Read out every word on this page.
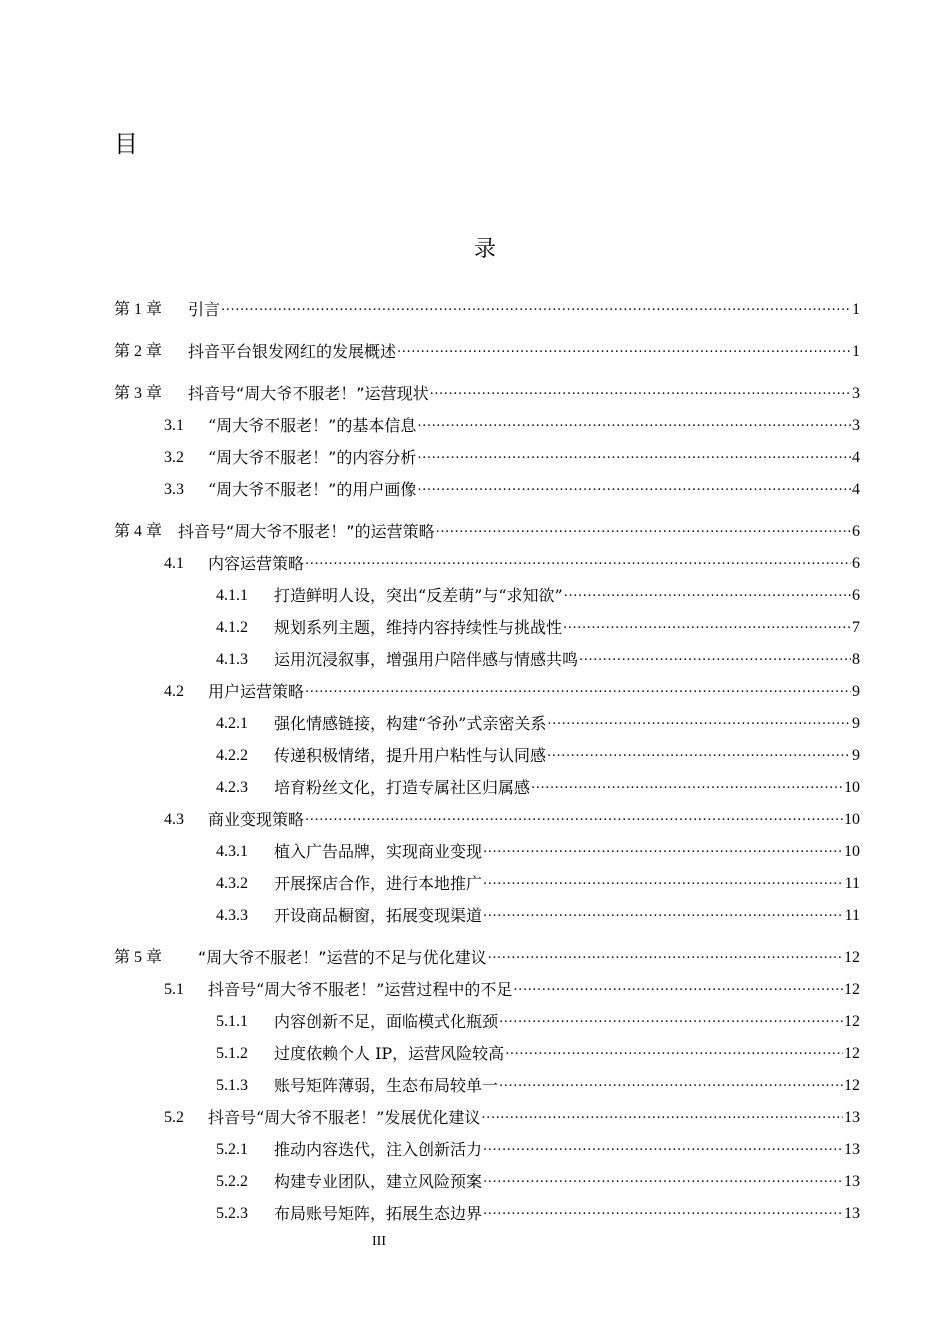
目
录
第 1 章	引言 .....	1
第 2 章	抖音平台银发网红的发展概述 .....	1
第 3 章	抖音号“周大爷不服老！”运营现状 .....	3
3.1	“周大爷不服老！”的基本信息 .....	3
3.2	“周大爷不服老！”的内容分析 .....	4
3.3	“周大爷不服老！”的用户画像 .....	4
第 4 章 抖音号“周大爷不服老！”的运营策略 .....	6
4.1	内容运营策略 .....	6
4.1.1	打造鲜明人设，突出“反差萌”与“求知欲” .....	6
4.1.2	规划系列主题，维持内容持续性与挑战性 .....	7
4.1.3	运用沉浸叙事，增强用户陪伴感与情感共鸣 .....	8
4.2	用户运营策略 .....	9
4.2.1	强化情感链接，构建“爷孙”式亲密关系 .....	9
4.2.2	传递积极情绪，提升用户粘性与认同感 .....	9
4.2.3	培育粉丝文化，打造专属社区归属感 .....	10
4.3	商业变现策略 .....	10
4.3.1	植入广告品牌，实现商业变现 .....	10
4.3.2	开展探店合作，进行本地推广 .....	11
4.3.3	开设商品橱窗，拓展变现渠道 .....	11
第 5 章	“周大爷不服老！”运营的不足与优化建议 .....	12
5.1	抖音号“周大爷不服老！”运营过程中的不足 .....	12
5.1.1	内容创新不足，面临模式化瓶颈 .....	12
5.1.2	过度依赖个人 IP，运营风险较高 .....	12
5.1.3	账号矩阵薄弱，生态布局较单一 .....	12
5.2	抖音号“周大爷不服老！”发展优化建议 .....	13
5.2.1	推动内容迭代，注入创新活力 .....	13
5.2.2	构建专业团队，建立风险预案 .....	13
5.2.3	布局账号矩阵，拓展生态边界 .....	13
III
